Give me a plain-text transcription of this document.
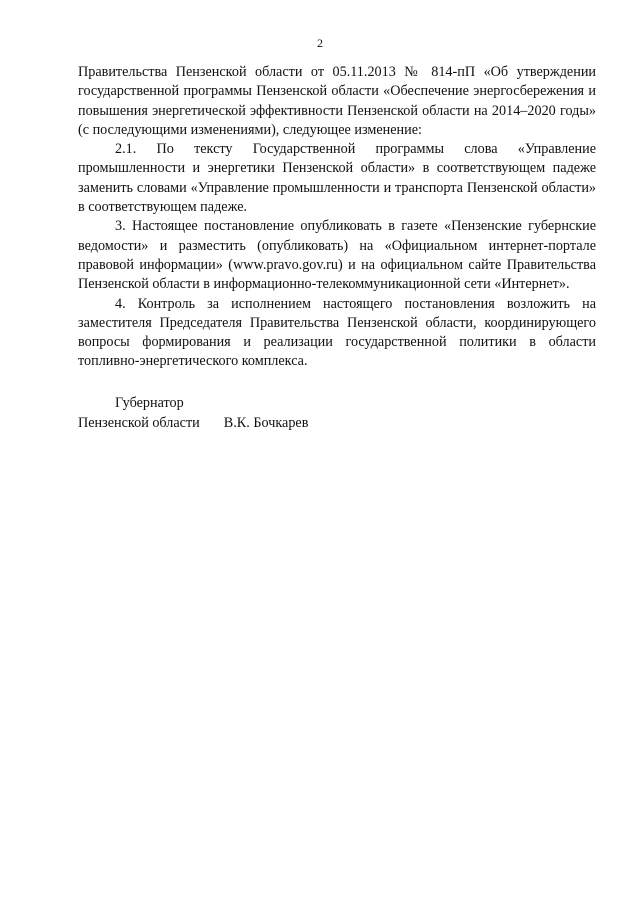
2

Правительства Пензенской области от 05.11.2013 № 814-пП «Об утверждении государственной программы Пензенской области «Обеспечение энергосбережения и повышения энергетической эффективности Пензенской области на 2014–2020 годы» (с последующими изменениями), следующее изменение:

2.1. По тексту Государственной программы слова «Управление промышленности и энергетики Пензенской области» в соответствующем падеже заменить словами «Управление промышленности и транспорта Пензенской области» в соответствующем падеже.

3. Настоящее постановление опубликовать в газете «Пензенские губернские ведомости» и разместить (опубликовать) на «Официальном интернет-портале правовой информации» (www.pravo.gov.ru) и на официальном сайте Правительства Пензенской области в информационно-телекоммуникационной сети «Интернет».

4. Контроль за исполнением настоящего постановления возложить на заместителя Председателя Правительства Пензенской области, координирующего вопросы формирования и реализации государственной политики в области топливно-энергетического комплекса.

Губернатор
Пензенской области В.К. Бочкарев
